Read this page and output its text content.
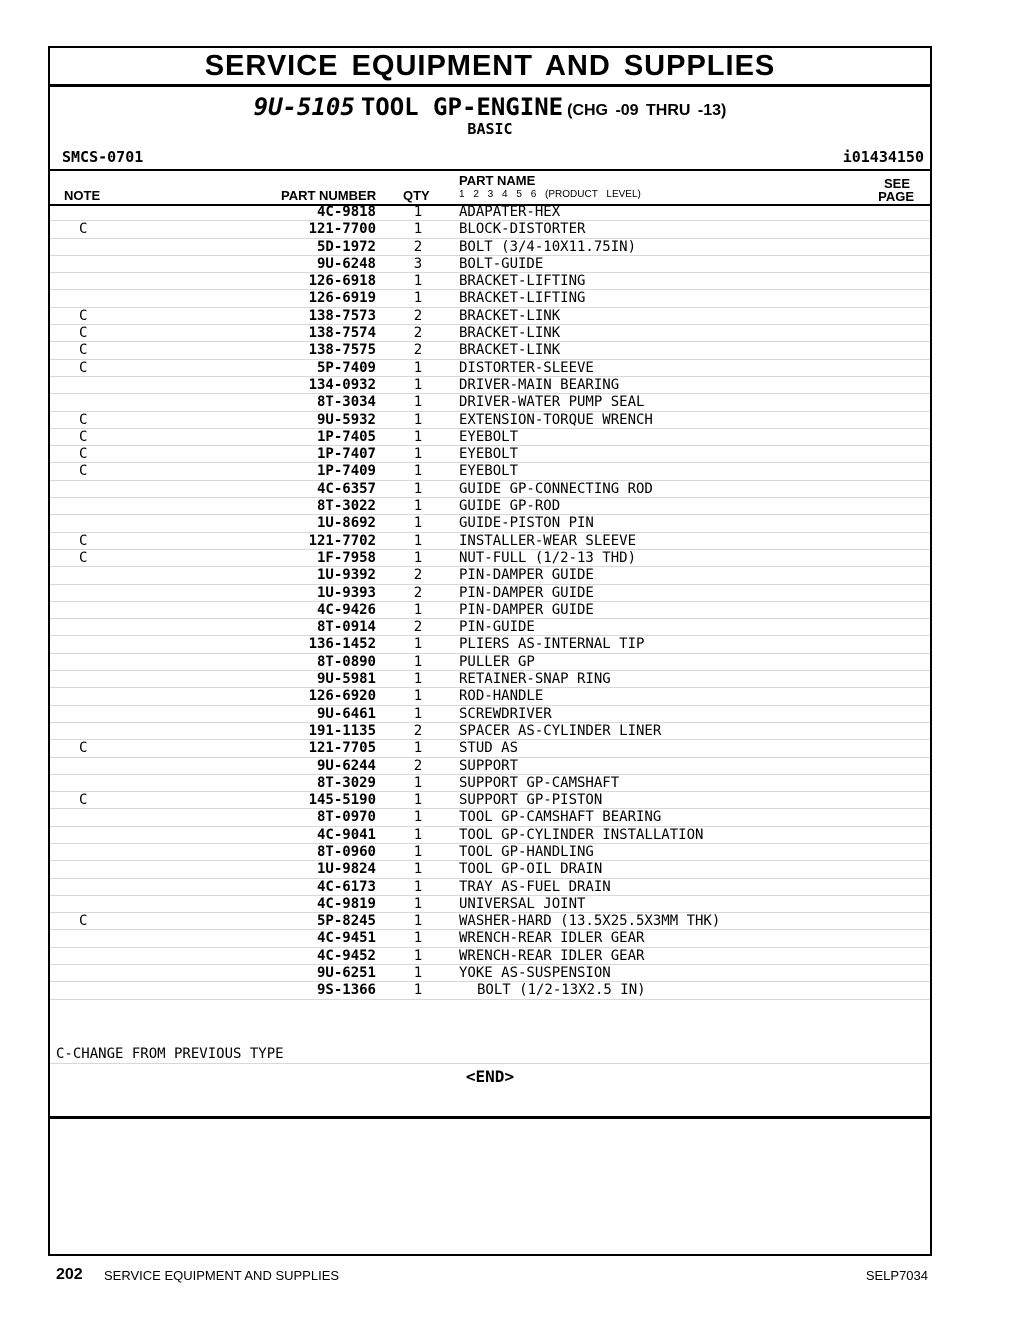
SERVICE EQUIPMENT AND SUPPLIES
9U-5105 TOOL GP-ENGINE (CHG -09 THRU -13)
BASIC
SMCS-0701	i01434150
NOTE	PART NUMBER QTY
PART NAME
1 2 3 4 5 6 (PRODUCT LEVEL)
SEE
PAGE
4C-9818	1	ADAPATER-HEX
C	121-7700	1	BLOCK-DISTORTER
5D-1972	2	BOLT (3/4-10X11.75IN)
9U-6248	3	BOLT-GUIDE
126-6918	1	BRACKET-LIFTING
126-6919	1	BRACKET-LIFTING
C	138-7573	2	BRACKET-LINK
C	138-7574	2	BRACKET-LINK
C	138-7575	2	BRACKET-LINK
C	5P-7409	1	DISTORTER-SLEEVE
134-0932	1	DRIVER-MAIN BEARING
8T-3034	1	DRIVER-WATER PUMP SEAL
C	9U-5932	1	EXTENSION-TORQUE WRENCH
C	1P-7405	1	EYEBOLT
C	1P-7407	1	EYEBOLT
C	1P-7409	1	EYEBOLT
4C-6357	1	GUIDE GP-CONNECTING ROD
8T-3022	1	GUIDE GP-ROD
1U-8692	1	GUIDE-PISTON PIN
C	121-7702	1	INSTALLER-WEAR SLEEVE
C	1F-7958	1	NUT-FULL (1/2-13 THD)
1U-9392	2	PIN-DAMPER GUIDE
1U-9393	2	PIN-DAMPER GUIDE
4C-9426	1	PIN-DAMPER GUIDE
8T-0914	2	PIN-GUIDE
136-1452	1	PLIERS AS-INTERNAL TIP
8T-0890	1	PULLER GP
9U-5981	1	RETAINER-SNAP RING
126-6920	1	ROD-HANDLE
9U-6461	1	SCREWDRIVER
191-1135	2	SPACER AS-CYLINDER LINER
C	121-7705	1	STUD AS
9U-6244	2	SUPPORT
8T-3029	1	SUPPORT GP-CAMSHAFT
C	145-5190	1	SUPPORT GP-PISTON
8T-0970	1	TOOL GP-CAMSHAFT BEARING
4C-9041	1	TOOL GP-CYLINDER INSTALLATION
8T-0960	1	TOOL GP-HANDLING
1U-9824	1	TOOL GP-OIL DRAIN
4C-6173	1	TRAY AS-FUEL DRAIN
4C-9819	1	UNIVERSAL JOINT
C	5P-8245	1	WASHER-HARD (13.5X25.5X3MM THK)
4C-9451	1	WRENCH-REAR IDLER GEAR
4C-9452	1	WRENCH-REAR IDLER GEAR
9U-6251	1	YOKE AS-SUSPENSION
9S-1366	1	BOLT (1/2-13X2.5 IN)
C-CHANGE FROM PREVIOUS TYPE
<END>
202 SERVICE EQUIPMENT AND SUPPLIES	SELP7034
